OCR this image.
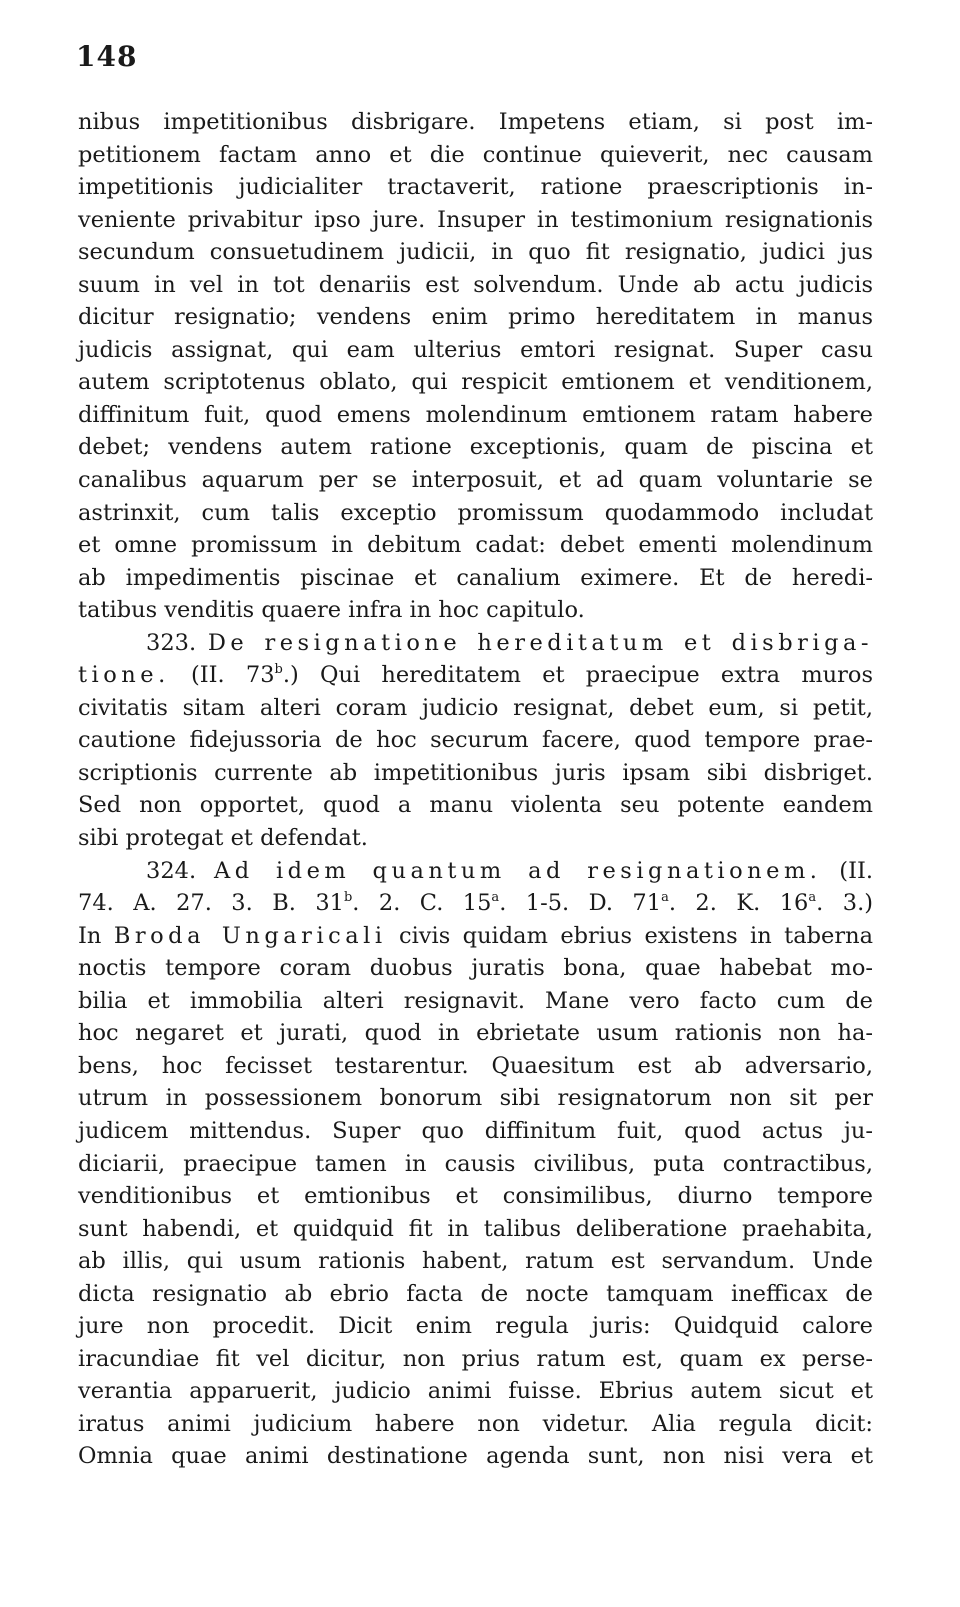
148
nibus impetitionibus disbrigare. Impetens etiam, si post im-
petitionem factam anno et die continue quieverit, nec causam
impetitionis judicialiter tractaverit, ratione praescriptionis in-
veniente privabitur ipso jure. Insuper in testimonium resignationis
secundum consuetudinem judicii, in quo fit resignatio, judici jus
suum in vel in tot denariis est solvendum. Unde ab actu judicis
dicitur resignatio; vendens enim primo hereditatem in manus
judicis assignat, qui eam ulterius emtori resignat. Super casu
autem scriptotenus oblato, qui respicit emtionem et venditionem,
diffinitum fuit, quod emens molendinum emtionem ratam habere
debet; vendens autem ratione exceptionis, quam de piscina et
canalibus aquarum per se interposuit, et ad quam voluntarie se
astrinxit, cum talis exceptio promissum quodammodo includat
et omne promissum in debitum cadat: debet ementi molendinum
ab impedimentis piscinae et canalium eximere. Et de heredi-
tatibus venditis quaere infra in hoc capitulo.
323. De resignatione hereditatum et disbriga-
tione. (II. 73$^b$.) Qui hereditatem et praecipue extra muros
civitatis sitam alteri coram judicio resignat, debet eum, si petit,
cautione fidejussoria de hoc securum facere, quod tempore prae-
scriptionis currente ab impetitionibus juris ipsam sibi disbriget.
Sed non opportet, quod a manu violenta seu potente eandem
sibi protegat et defendat.
324. Ad idem quantum ad resignationem. (II.
74. A. 27. 3. B. 31$^b$. 2. C. 15$^a$. 1-5. D. 71$^a$. 2. K. 16$^a$. 3.)
In Broda Ungaricali civis quidam ebrius existens in taberna
noctis tempore coram duobus juratis bona, quae habebat mo-
bilia et immobilia alteri resignavit. Mane vero facto cum de
hoc negaret et jurati, quod in ebrietate usum rationis non ha-
bens, hoc fecisset testarentur. Quaesitum est ab adversario,
utrum in possessionem bonorum sibi resignatorum non sit per
judicem mittendus. Super quo diffinitum fuit, quod actus ju-
diciarii, praecipue tamen in causis civilibus, puta contractibus,
venditionibus et emtionibus et consimilibus, diurno tempore
sunt habendi, et quidquid fit in talibus deliberatione praehabita,
ab illis, qui usum rationis habent, ratum est servandum. Unde
dicta resignatio ab ebrio facta de nocte tamquam inefficax de
jure non procedit. Dicit enim regula juris: Quidquid calore
iracundiae fit vel dicitur, non prius ratum est, quam ex perse-
verantia apparuerit, judicio animi fuisse. Ebrius autem sicut et
iratus animi judicium habere non videtur. Alia regula dicit:
Omnia quae animi destinatione agenda sunt, non nisi vera et
